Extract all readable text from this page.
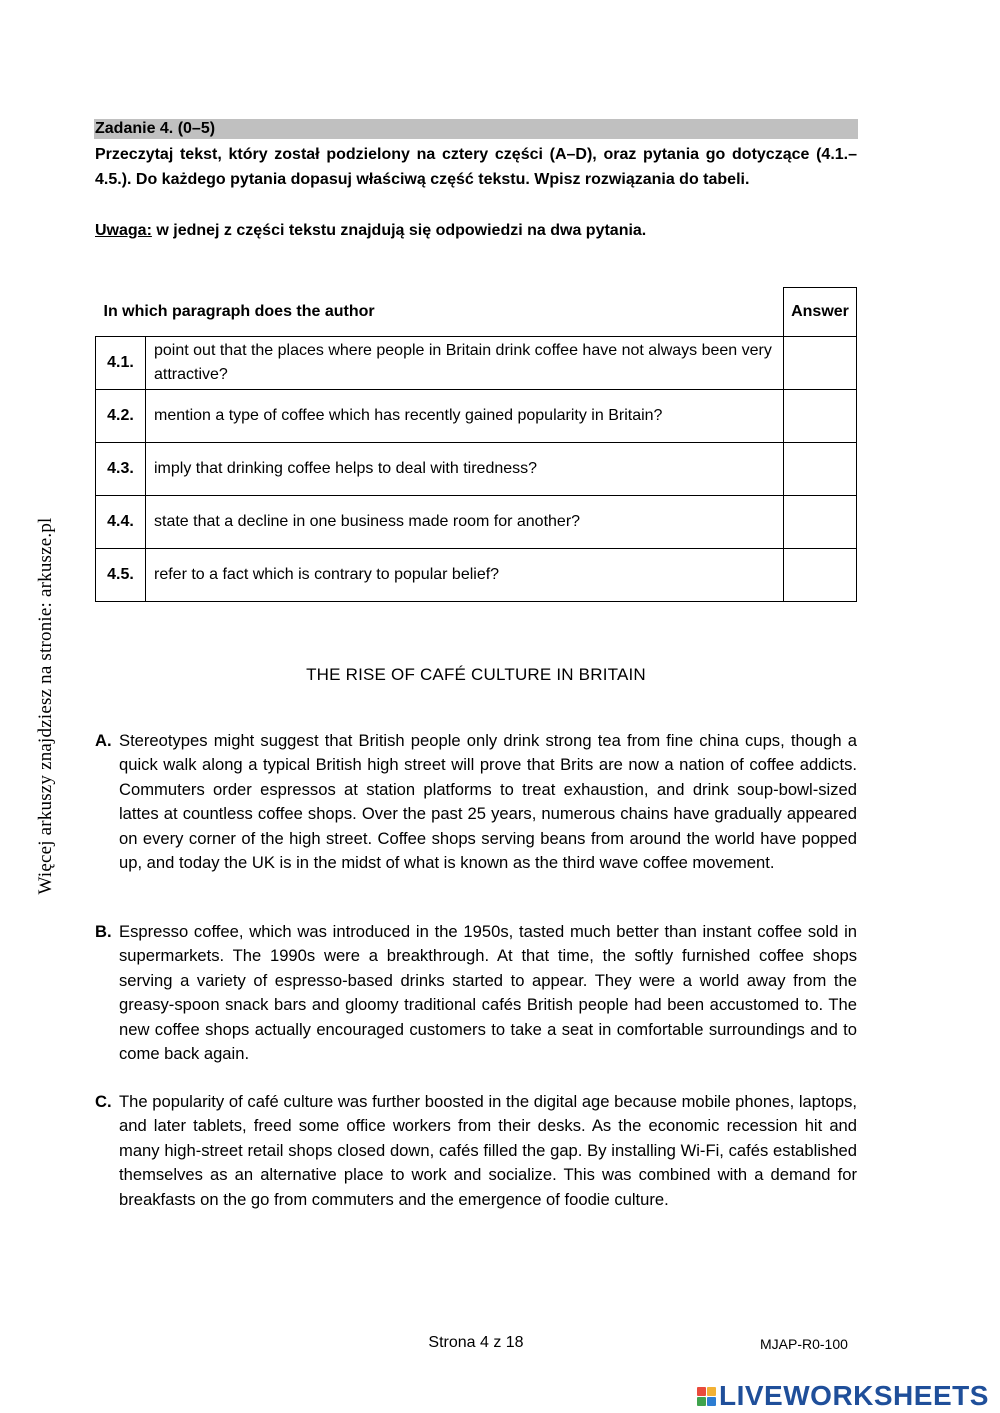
Zadanie 4. (0–5)
Przeczytaj tekst, który został podzielony na cztery części (A–D), oraz pytania go dotyczące (4.1.–4.5.). Do każdego pytania dopasuj właściwą część tekstu. Wpisz rozwiązania do tabeli.
Uwaga: w jednej z części tekstu znajdują się odpowiedzi na dwa pytania.
In which paragraph does the author		Answer
4.1.	point out that the places where people in Britain drink coffee have not always been very attractive?	
4.2.	mention a type of coffee which has recently gained popularity in Britain?	
4.3.	imply that drinking coffee helps to deal with tiredness?	
4.4.	state that a decline in one business made room for another?	
4.5.	refer to a fact which is contrary to popular belief?	
Więcej arkuszy znajdziesz na stronie: arkusze.pl	THE RISE OF CAFÉ CULTURE IN BRITAIN
A. Stereotypes might suggest that British people only drink strong tea from fine china cups, though a quick walk along a typical British high street will prove that Brits are now a nation of coffee addicts. Commuters order espressos at station platforms to treat exhaustion, and drink soup-bowl-sized lattes at countless coffee shops. Over the past 25 years, numerous chains have gradually appeared on every corner of the high street. Coffee shops serving beans from around the world have popped up, and today the UK is in the midst of what is known as the third wave coffee movement.
B. Espresso coffee, which was introduced in the 1950s, tasted much better than instant coffee sold in supermarkets. The 1990s were a breakthrough. At that time, the softly furnished coffee shops serving a variety of espresso-based drinks started to appear. They were a world away from the greasy-spoon snack bars and gloomy traditional cafés British people had been accustomed to. The new coffee shops actually encouraged customers to take a seat in comfortable surroundings and to come back again.
C. The popularity of café culture was further boosted in the digital age because mobile phones, laptops, and later tablets, freed some office workers from their desks. As the economic recession hit and many high-street retail shops closed down, cafés filled the gap. By installing Wi-Fi, cafés established themselves as an alternative place to work and socialize. This was combined with a demand for breakfasts on the go from commuters and the emergence of foodie culture.
Strona 4 z 18	MJAP-R0-100
LIVEWORKSHEETS
